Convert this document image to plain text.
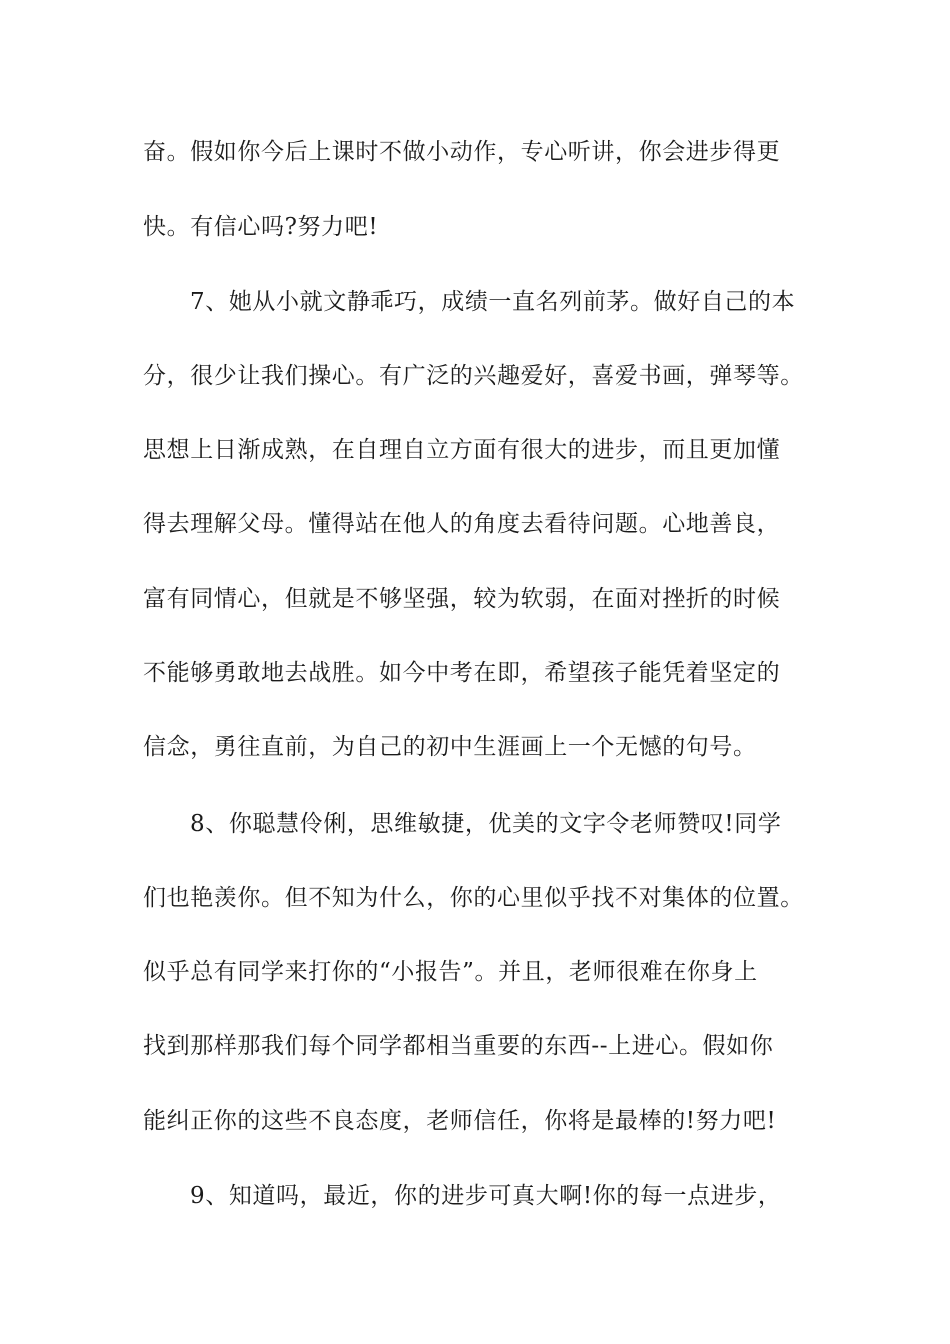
奋。假如你今后上课时不做小动作，专心听讲，你会进步得更
快。有信心吗?努力吧!
7、她从小就文静乖巧，成绩一直名列前茅。做好自己的本
分，很少让我们操心。有广泛的兴趣爱好，喜爱书画，弹琴等。
思想上日渐成熟，在自理自立方面有很大的进步，而且更加懂
得去理解父母。懂得站在他人的角度去看待问题。心地善良，
富有同情心，但就是不够坚强，较为软弱，在面对挫折的时候
不能够勇敢地去战胜。如今中考在即，希望孩子能凭着坚定的
信念，勇往直前，为自己的初中生涯画上一个无憾的句号。
8、你聪慧伶俐，思维敏捷，优美的文字令老师赞叹!同学
们也艳羡你。但不知为什么，你的心里似乎找不对集体的位置。
似乎总有同学来打你的“小报告”。并且，老师很难在你身上
找到那样那我们每个同学都相当重要的东西--上进心。假如你
能纠正你的这些不良态度，老师信任，你将是最棒的!努力吧!
9、知道吗，最近，你的进步可真大啊!你的每一点进步，
